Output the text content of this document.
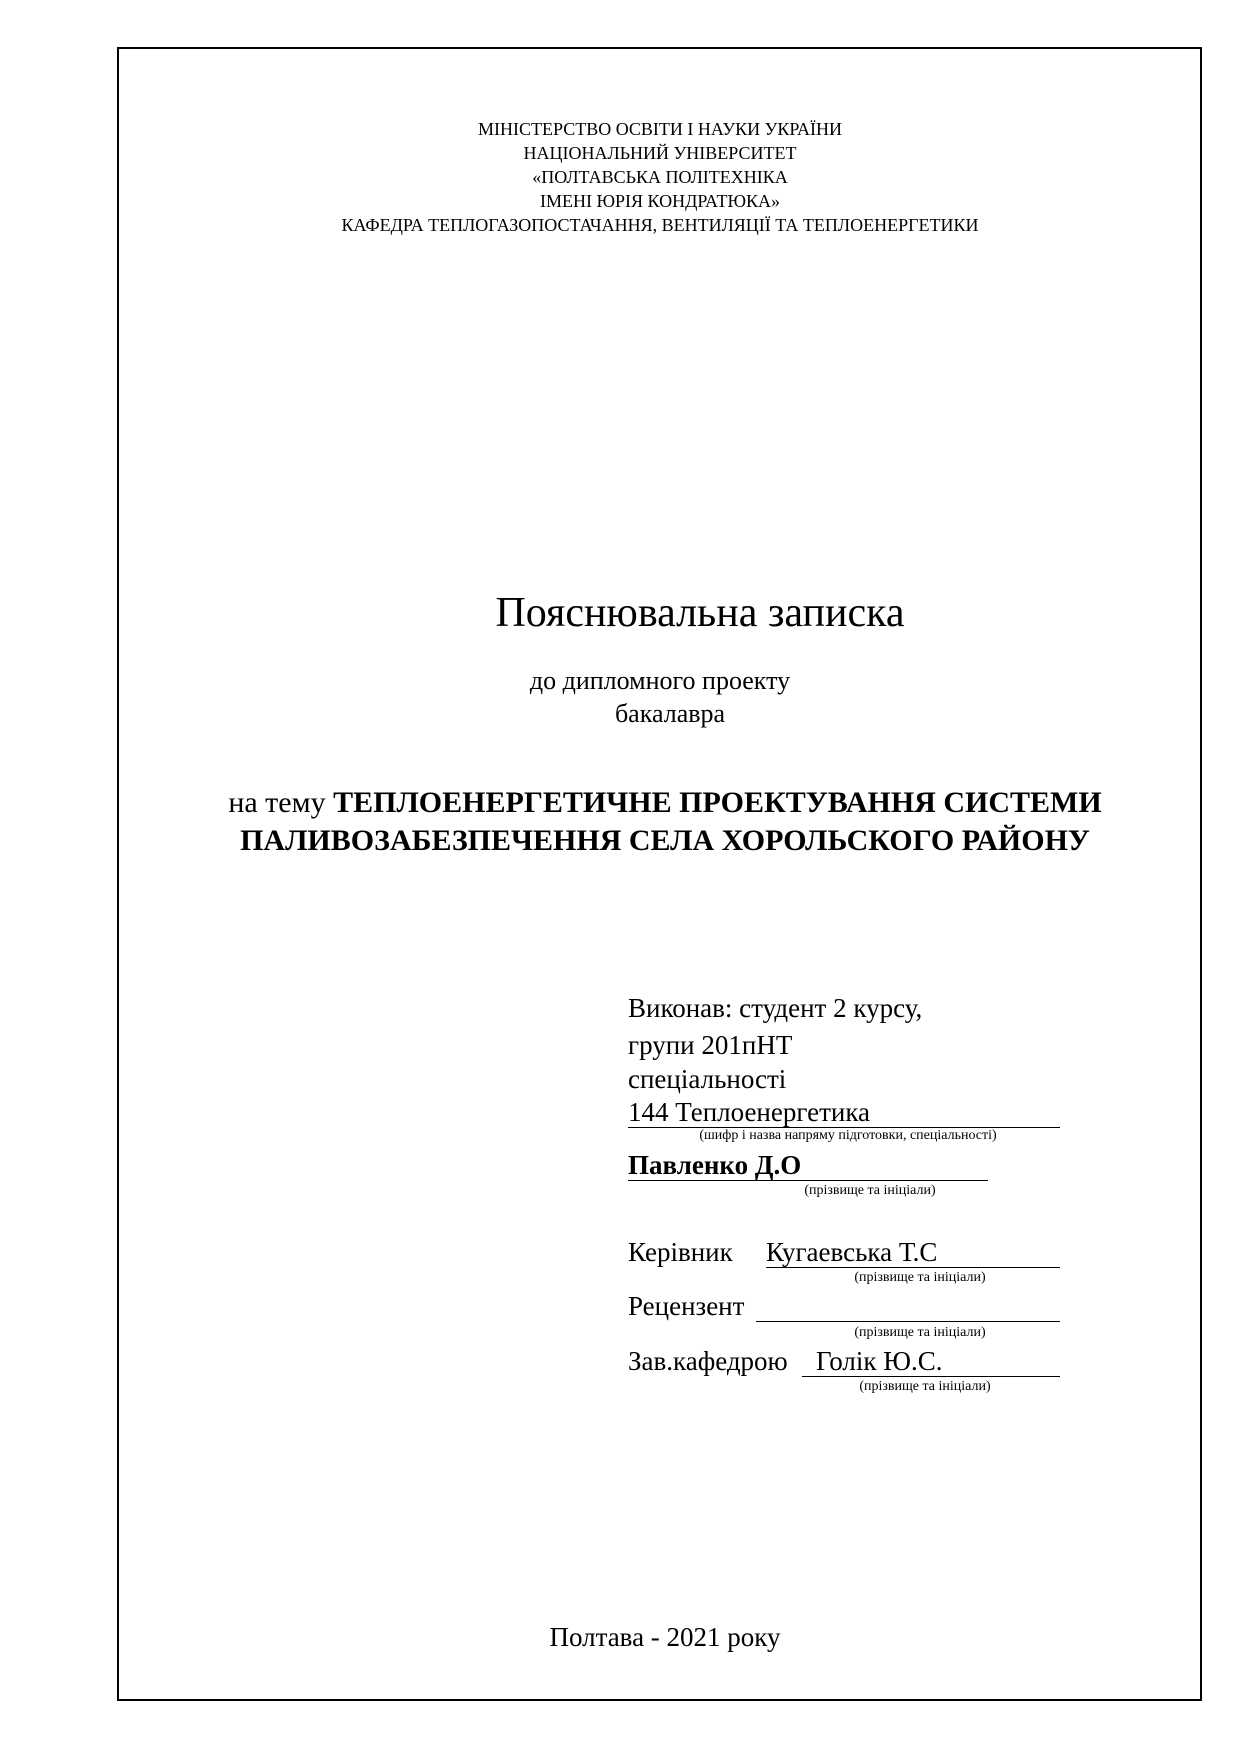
МІНІСТЕРСТВО ОСВІТИ І НАУКИ УКРАЇНИ
НАЦІОНАЛЬНИЙ УНІВЕРСИТЕТ
«ПОЛТАВСЬКА ПОЛІТЕХНІКА
ІМЕНІ ЮРІЯ КОНДРАТЮКА»
КАФЕДРА ТЕПЛОГАЗОПОСТАЧАННЯ, ВЕНТИЛЯЦІЇ ТА ТЕПЛОЕНЕРГЕТИКИ
Пояснювальна записка
до дипломного проекту
бакалавра
на тему ТЕПЛОЕНЕРГЕТИЧНЕ ПРОЕКТУВАННЯ СИСТЕМИ
ПАЛИВОЗАБЕЗПЕЧЕННЯ СЕЛА ХОРОЛЬСКОГО РАЙОНУ
Виконав: студент 2 курсу,
групи 201пНТ
спеціальності
144 Теплоенергетика
(шифр і назва напряму підготовки, спеціальності)
Павленко Д.О
(прізвище та ініціали)
Керівник Кугаевська Т.С
(прізвище та ініціали)
Рецензент
(прізвище та ініціали)
Зав.кафедрою Голік Ю.С.
(прізвище та ініціали)
Полтава - 2021 року
